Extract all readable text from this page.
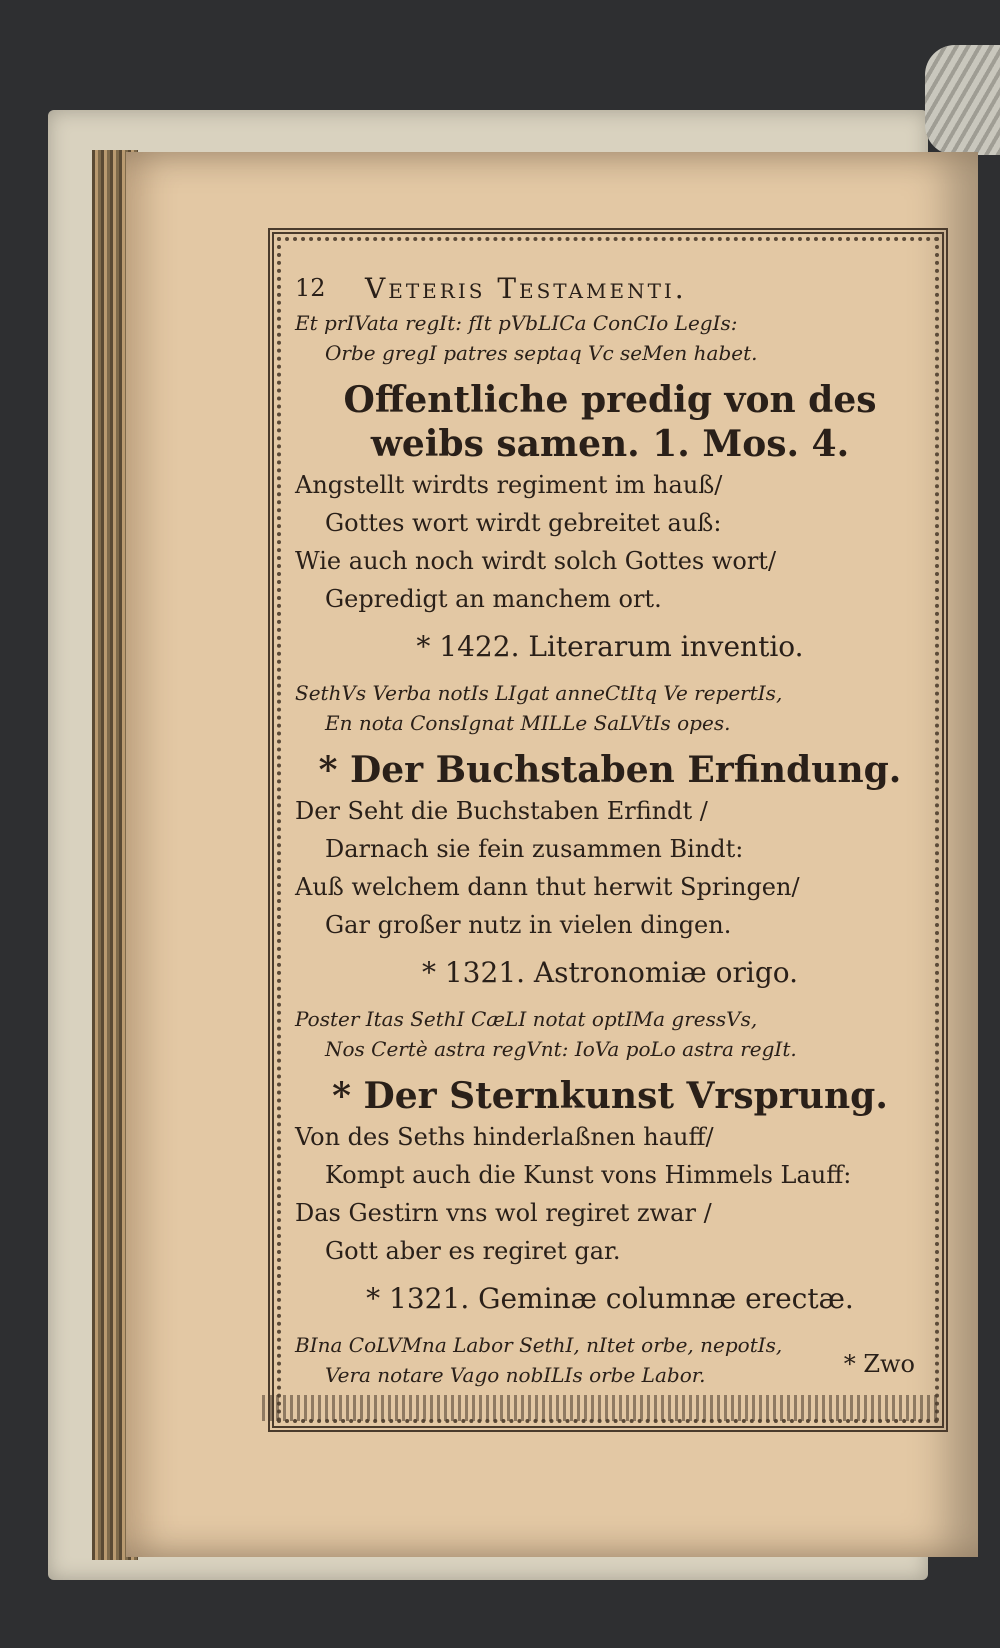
12	Veteris Testamenti.

Et prIVata regIt: fIt pVbLICa ConCIo LegIs:

Orbe gregI patres septaq Vc seMen habet.

Offentliche predig von des weibs samen. 1. Mos. 4.

Angstellt wirdts regiment im hauß/

Gottes wort wirdt gebreitet auß:

Wie auch noch wirdt solch Gottes wort/

Gepredigt an manchem ort.

* 1422. Literarum inventio.

SethVs Verba notIs LIgat anneCtItq Ve repertIs,

En nota ConsIgnat MILLe SaLVtIs opes.

* Der Buchstaben Erfindung.

Der Seht die Buchstaben Erfindt /

Darnach sie fein zusammen Bindt:

Auß welchem dann thut herwit Springen/

Gar großer nutz in vielen dingen.

* 1321. Astronomiæ origo.

Poster Itas SethI CæLI notat optIMa gressVs,

Nos Certè astra regVnt: IoVa poLo astra regIt.

* Der Sternkunst Vrsprung.

Von des Seths hinderlaßnen hauff/

Kompt auch die Kunst vons Himmels Lauff:

Das Gestirn vns wol regiret zwar /

Gott aber es regiret gar.

* 1321. Geminæ columnæ erectæ.

BIna CoLVMna Labor SethI, nItet orbe, nepotIs,

Vera notare Vago nobILIs orbe Labor.	* Zwo
